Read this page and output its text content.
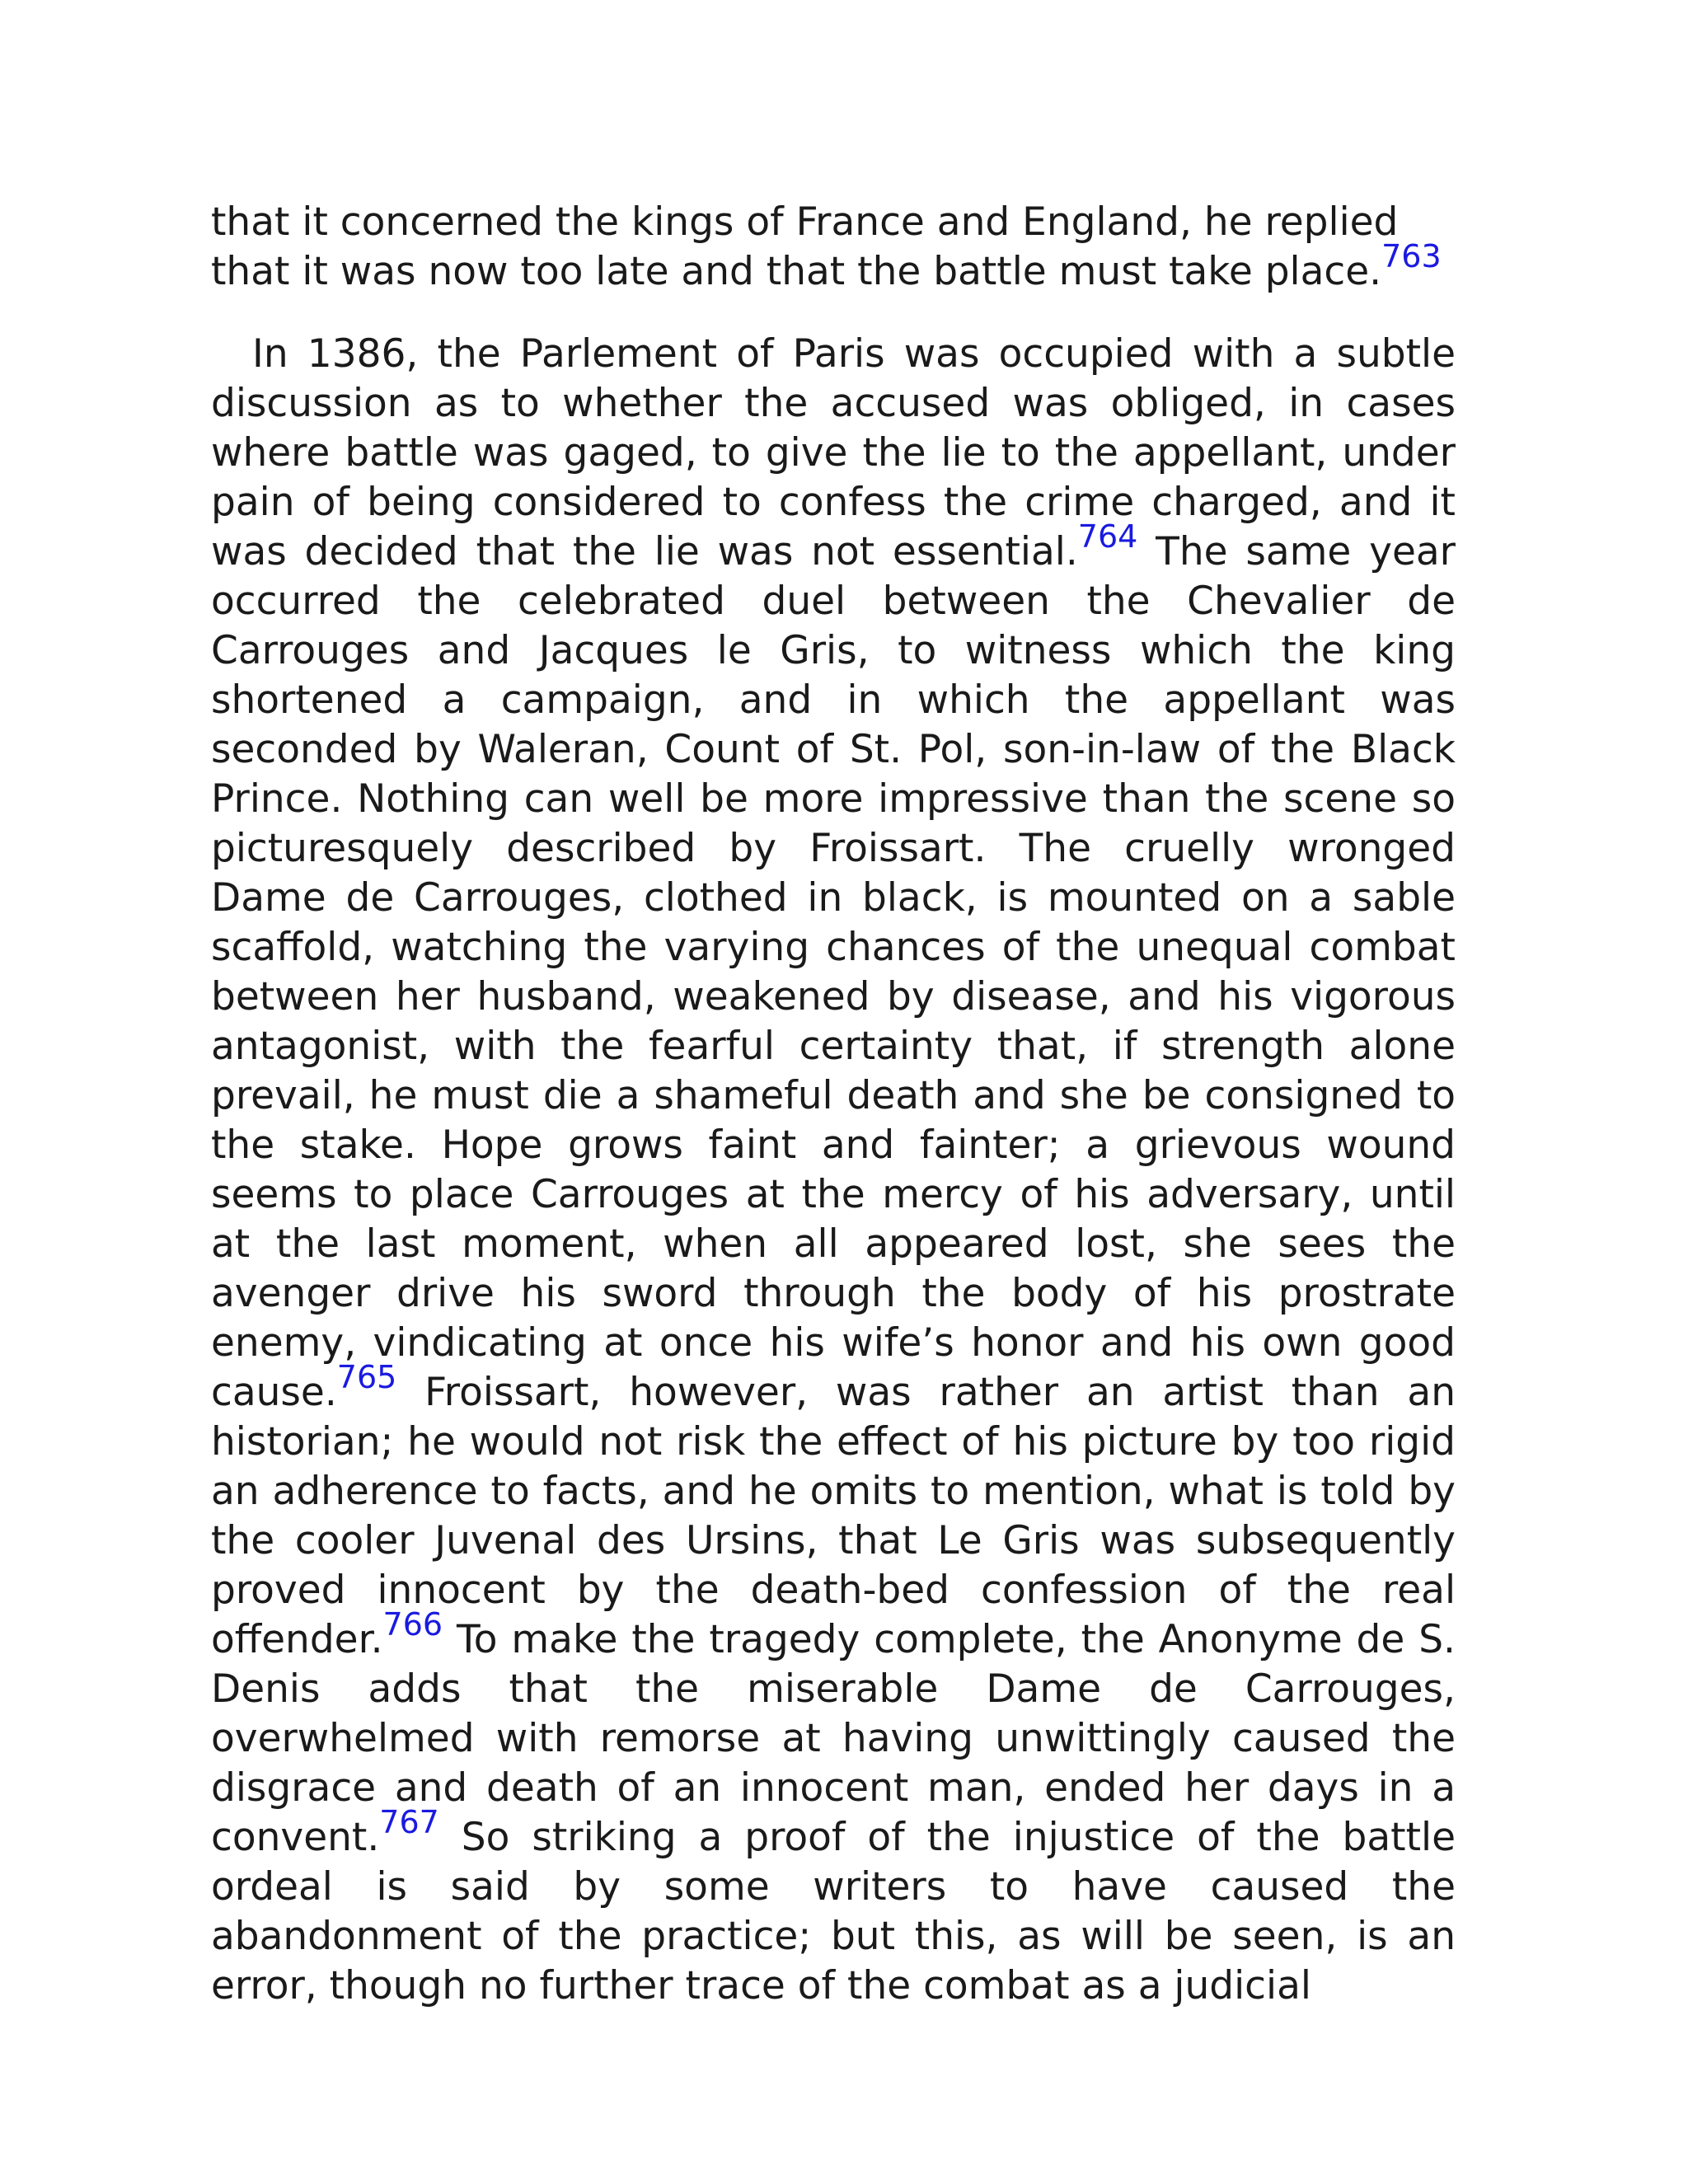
that it concerned the kings of France and England, he replied that it was now too late and that the battle must take place.$^{763}$

In 1386, the Parlement of Paris was occupied with a subtle discussion as to whether the accused was obliged, in cases where battle was gaged, to give the lie to the appellant, under pain of being considered to confess the crime charged, and it was decided that the lie was not essential.$^{764}$ The same year occurred the celebrated duel between the Chevalier de Carrouges and Jacques le Gris, to witness which the king shortened a campaign, and in which the appellant was seconded by Waleran, Count of St. Pol, son-in-law of the Black Prince. Nothing can well be more impressive than the scene so picturesquely described by Froissart. The cruelly wronged Dame de Carrouges, clothed in black, is mounted on a sable scaffold, watching the varying chances of the unequal combat between her husband, weakened by disease, and his vigorous antagonist, with the fearful certainty that, if strength alone prevail, he must die a shameful death and she be consigned to the stake. Hope grows faint and fainter; a grievous wound seems to place Carrouges at the mercy of his adversary, until at the last moment, when all appeared lost, she sees the avenger drive his sword through the body of his prostrate enemy, vindicating at once his wife’s honor and his own good cause.$^{765}$ Froissart, however, was rather an artist than an historian; he would not risk the effect of his picture by too rigid an adherence to facts, and he omits to mention, what is told by the cooler Juvenal des Ursins, that Le Gris was subsequently proved innocent by the death-bed confession of the real offender.$^{766}$ To make the tragedy complete, the Anonyme de S. Denis adds that the miserable Dame de Carrouges, overwhelmed with remorse at having unwittingly caused the disgrace and death of an innocent man, ended her days in a convent.$^{767}$ So striking a proof of the injustice of the battle ordeal is said by some writers to have caused the abandonment of the practice; but this, as will be seen, is an error, though no further trace of the combat as a judicial
